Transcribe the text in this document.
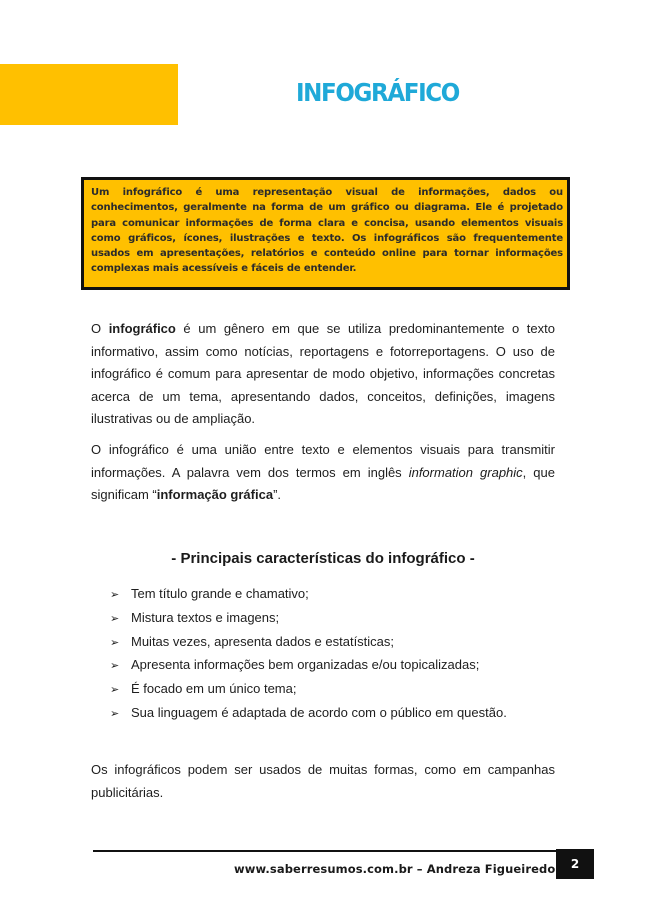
INFOGRÁFICO

Um infográfico é uma representação visual de informações, dados ou conhecimentos, geralmente na forma de um gráfico ou diagrama. Ele é projetado para comunicar informações de forma clara e concisa, usando elementos visuais como gráficos, ícones, ilustrações e texto. Os infográficos são frequentemente usados em apresentações, relatórios e conteúdo online para tornar informações complexas mais acessíveis e fáceis de entender.

O infográfico é um gênero em que se utiliza predominantemente o texto informativo, assim como notícias, reportagens e fotorreportagens. O uso de infográfico é comum para apresentar de modo objetivo, informações concretas acerca de um tema, apresentando dados, conceitos, definições, imagens ilustrativas ou de ampliação.

O infográfico é uma união entre texto e elementos visuais para transmitir informações. A palavra vem dos termos em inglês information graphic, que significam “informação gráfica”.

- Principais características do infográfico -
➢ Tem título grande e chamativo;
➢ Mistura textos e imagens;
➢ Muitas vezes, apresenta dados e estatísticas;
➢ Apresenta informações bem organizadas e/ou topicalizadas;
➢ É focado em um único tema;
➢ Sua linguagem é adaptada de acordo com o público em questão.

Os infográficos podem ser usados de muitas formas, como em campanhas publicitárias.

www.saberresumos.com.br – Andreza Figueiredo	2
